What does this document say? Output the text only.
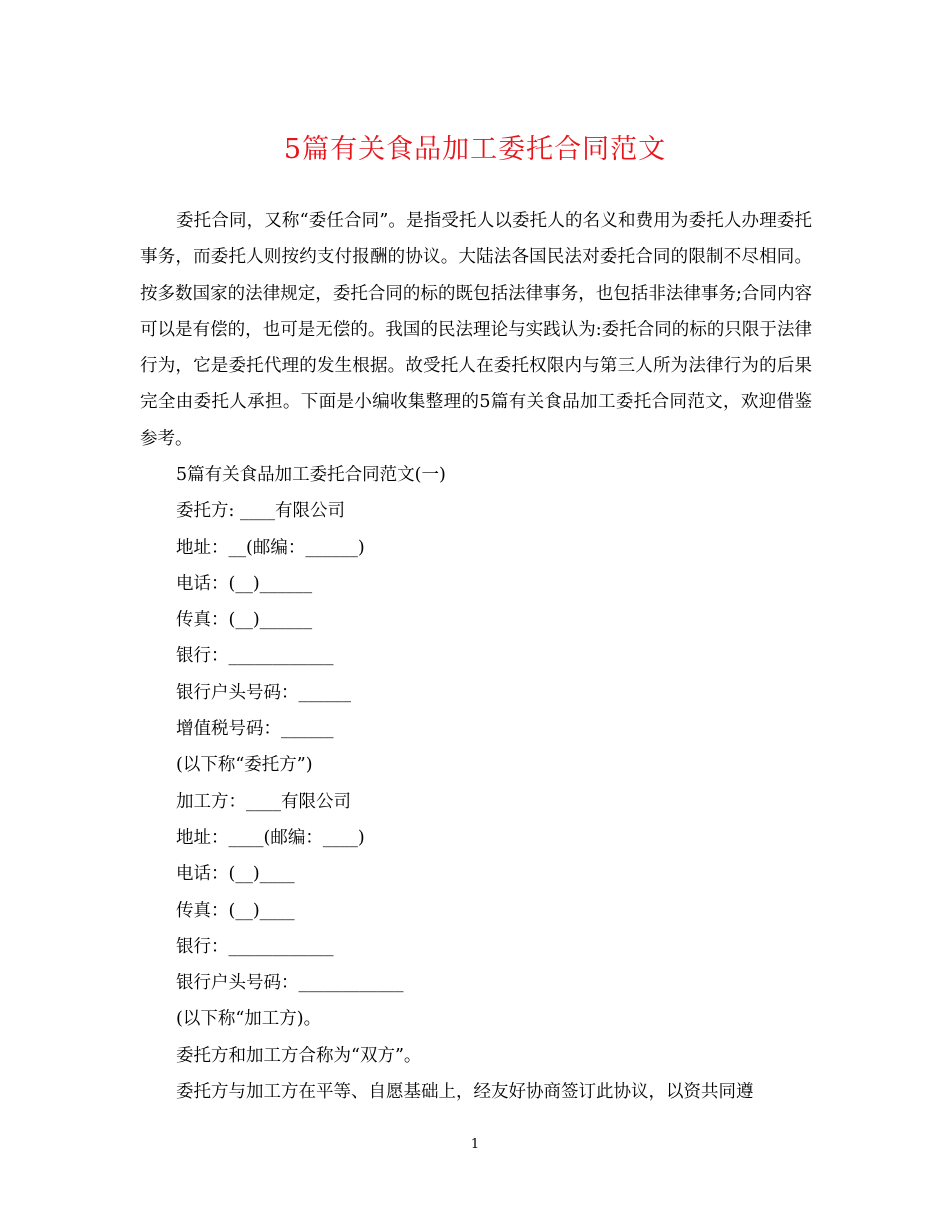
5篇有关食品加工委托合同范文

委托合同，又称“委任合同”。是指受托人以委托人的名义和费用为委托人办理委托事务，而委托人则按约支付报酬的协议。大陆法各国民法对委托合同的限制不尽相同。按多数国家的法律规定，委托合同的标的既包括法律事务，也包括非法律事务;合同内容可以是有偿的，也可是无偿的。我国的民法理论与实践认为:委托合同的标的只限于法律行为，它是委托代理的发生根据。故受托人在委托权限内与第三人所为法律行为的后果完全由委托人承担。下面是小编收集整理的5篇有关食品加工委托合同范文，欢迎借鉴参考。

5篇有关食品加工委托合同范文(一)
委托方: ____有限公司
地址：__(邮编：______)
电话：(__)______
传真：(__)______
银行：____________
银行户头号码：______
增值税号码：______
(以下称“委托方”)
加工方：____有限公司
地址：____(邮编：____)
电话：(__)____
传真：(__)____
银行：____________
银行户头号码：____________
(以下称“加工方)。
委托方和加工方合称为“双方”。
委托方与加工方在平等、自愿基础上，经友好协商签订此协议，以资共同遵
1
